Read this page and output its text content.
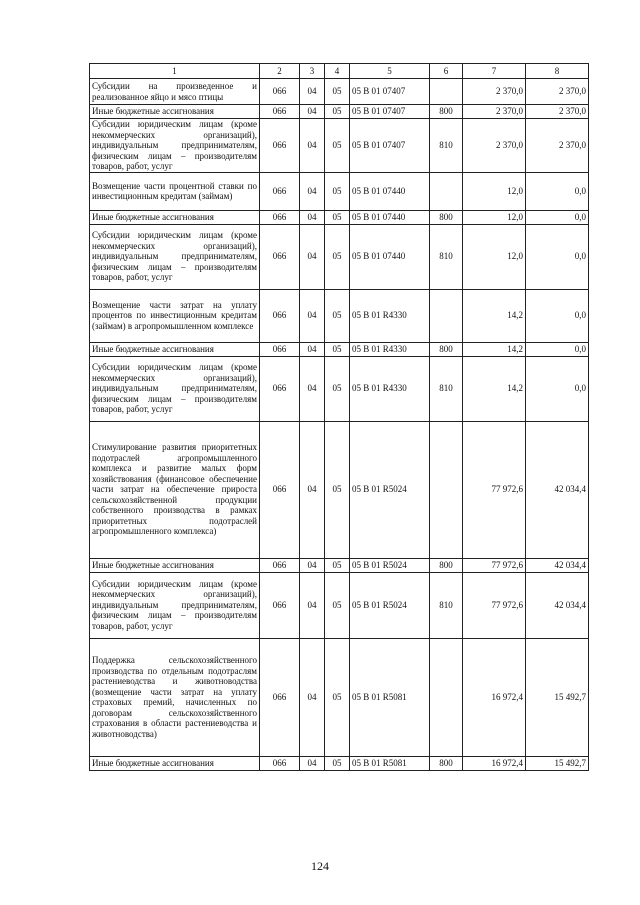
1	2	3	4	5	6	7	8
Субсидии на произведенное и реализованное яйцо и мясо птицы	066	04	05	05 B 01 07407		2 370,0	2 370,0
Иные бюджетные ассигнования	066	04	05	05 B 01 07407	800	2 370,0	2 370,0
Субсидии юридическим лицам (кроме некоммерческих организаций), индивидуальным предпринимателям, физическим лицам – производителям товаров, работ, услуг	066	04	05	05 B 01 07407	810	2 370,0	2 370,0
Возмещение части процентной ставки по инвестиционным кредитам (займам)	066	04	05	05 B 01 07440		12,0	0,0
Иные бюджетные ассигнования	066	04	05	05 B 01 07440	800	12,0	0,0
Субсидии юридическим лицам (кроме некоммерческих организаций), индивидуальным предпринимателям, физическим лицам – производителям товаров, работ, услуг	066	04	05	05 B 01 07440	810	12,0	0,0
Возмещение части затрат на уплату процентов по инвестиционным кредитам (займам) в агропромышленном комплексе	066	04	05	05 B 01 R4330		14,2	0,0
Иные бюджетные ассигнования	066	04	05	05 B 01 R4330	800	14,2	0,0
Субсидии юридическим лицам (кроме некоммерческих организаций), индивидуальным предпринимателям, физическим лицам – производителям товаров, работ, услуг	066	04	05	05 B 01 R4330	810	14,2	0,0
Стимулирование развития приоритетных подотраслей агропромышленного комплекса и развитие малых форм хозяйствования (финансовое обеспечение части затрат на обеспечение прироста сельскохозяйственной продукции собственного производства в рамках приоритетных подотраслей агропромышленного комплекса)	066	04	05	05 B 01 R5024		77 972,6	42 034,4
Иные бюджетные ассигнования	066	04	05	05 B 01 R5024	800	77 972,6	42 034,4
Субсидии юридическим лицам (кроме некоммерческих организаций), индивидуальным предпринимателям, физическим лицам – производителям товаров, работ, услуг	066	04	05	05 B 01 R5024	810	77 972,6	42 034,4
Поддержка сельскохозяйственного производства по отдельным подотраслям растениеводства и животноводства (возмещение части затрат на уплату страховых премий, начисленных по договорам сельскохозяйственного страхования в области растениеводства и животноводства)	066	04	05	05 B 01 R5081		16 972,4	15 492,7
Иные бюджетные ассигнования	066	04	05	05 B 01 R5081	800	16 972,4	15 492,7
124
